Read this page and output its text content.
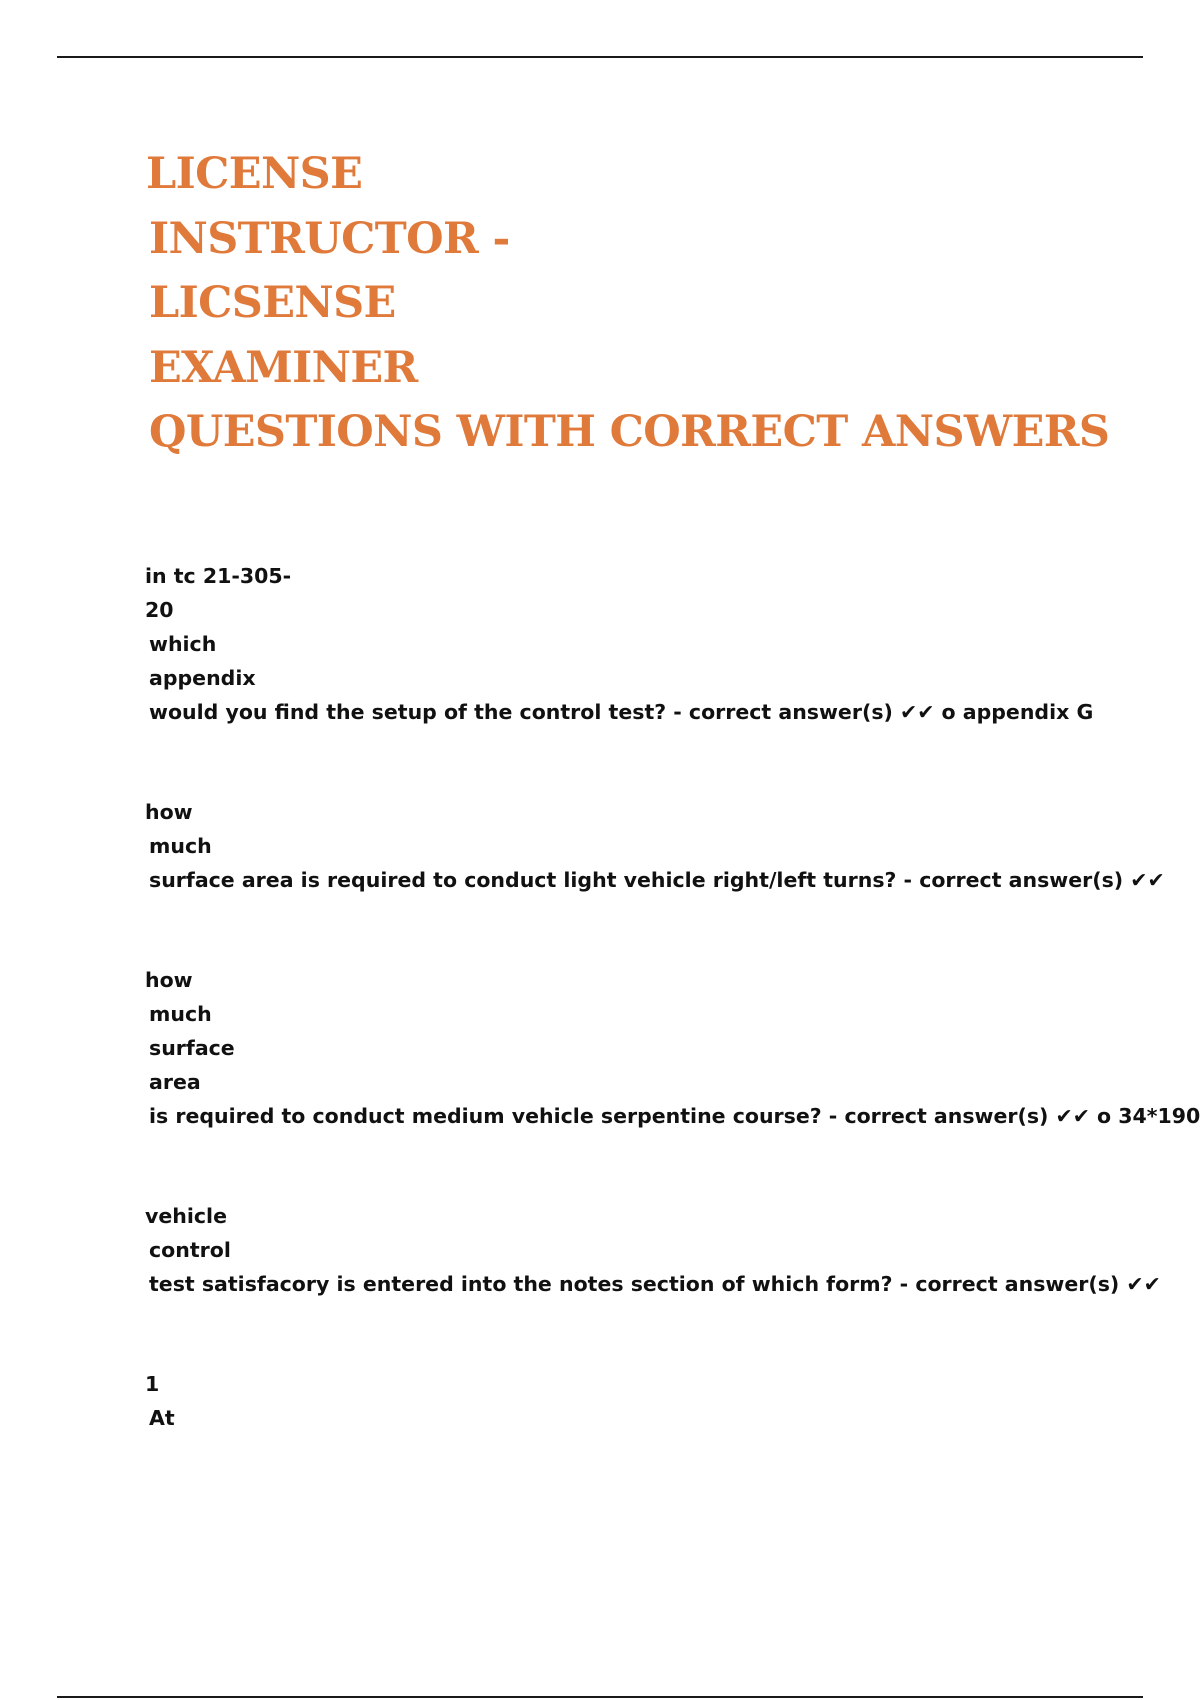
LICENSE
INSTRUCTOR -
LICSENSE
EXAMINER
QUESTIONS WITH CORRECT ANSWERS
in tc 21-305-
20
which
appendix
would you find the setup of the control test? - correct answer(s) ✔✔ o appendix G
how
much
surface area is required to conduct light vehicle right/left turns? - correct answer(s) ✔✔
how
much
surface
area
is required to conduct medium vehicle serpentine course? - correct answer(s) ✔✔ o 34*190
vehicle
control
test satisfacory is entered into the notes section of which form? - correct answer(s) ✔✔
1
At
